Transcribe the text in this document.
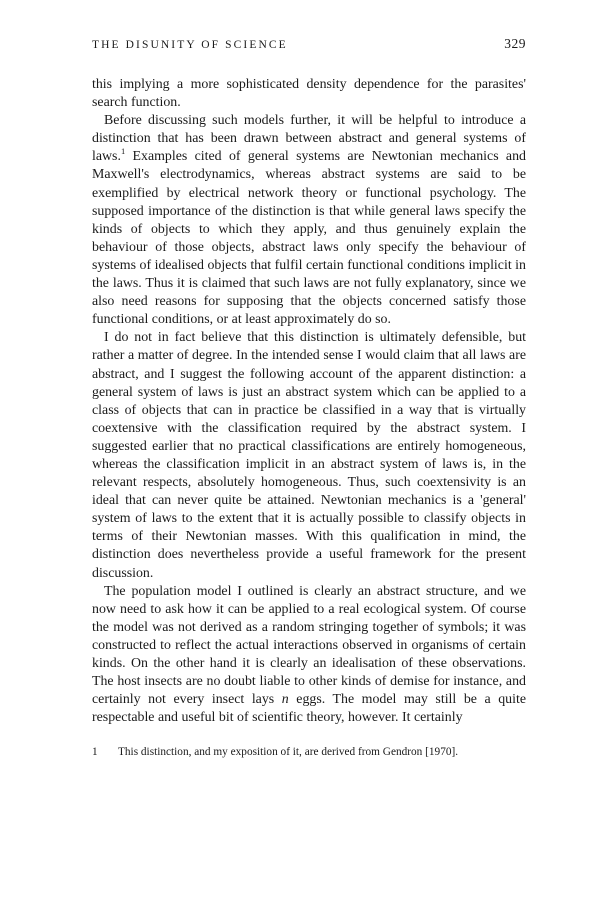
THE DISUNITY OF SCIENCE	329

this implying a more sophisticated density dependence for the parasites' search function.

Before discussing such models further, it will be helpful to introduce a distinction that has been drawn between abstract and general systems of laws.$^1$ Examples cited of general systems are Newtonian mechanics and Maxwell's electrodynamics, whereas abstract systems are said to be exemplified by electrical network theory or functional psychology. The supposed importance of the distinction is that while general laws specify the kinds of objects to which they apply, and thus genuinely explain the behaviour of those objects, abstract laws only specify the behaviour of systems of idealised objects that fulfil certain functional conditions implicit in the laws. Thus it is claimed that such laws are not fully explanatory, since we also need reasons for supposing that the objects concerned satisfy those functional conditions, or at least approximately do so.

I do not in fact believe that this distinction is ultimately defensible, but rather a matter of degree. In the intended sense I would claim that all laws are abstract, and I suggest the following account of the apparent distinction: a general system of laws is just an abstract system which can be applied to a class of objects that can in practice be classified in a way that is virtually coextensive with the classification required by the abstract system. I suggested earlier that no practical classifications are entirely homogeneous, whereas the classification implicit in an abstract system of laws is, in the relevant respects, absolutely homogeneous. Thus, such coextensivity is an ideal that can never quite be attained. Newtonian mechanics is a 'general' system of laws to the extent that it is actually possible to classify objects in terms of their Newtonian masses. With this qualification in mind, the distinction does nevertheless provide a useful framework for the present discussion.

The population model I outlined is clearly an abstract structure, and we now need to ask how it can be applied to a real ecological system. Of course the model was not derived as a random stringing together of symbols; it was constructed to reflect the actual interactions observed in organisms of certain kinds. On the other hand it is clearly an idealisation of these observations. The host insects are no doubt liable to other kinds of demise for instance, and certainly not every insect lays n eggs. The model may still be a quite respectable and useful bit of scientific theory, however. It certainly

1	This distinction, and my exposition of it, are derived from Gendron [1970].
